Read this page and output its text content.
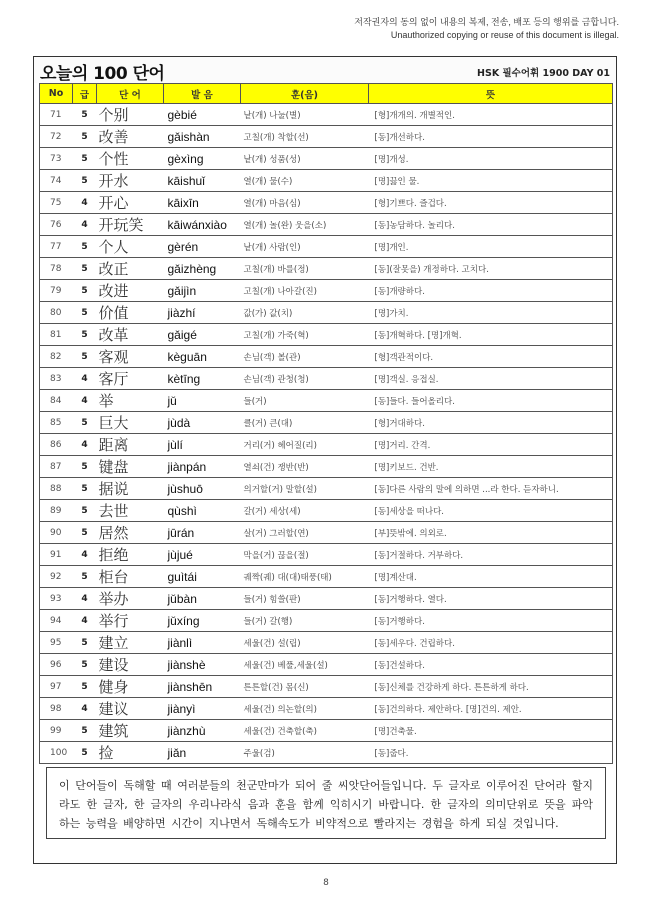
저작권자의 동의 없이 내용의 복제, 전송, 배포 등의 행위를 금합니다.
Unauthorized copying or reuse of this document is illegal.
오늘의 100 단어	HSK 필수어휘 1900 DAY 01
No	급	단 어	발 음	훈(음)	뜻
71	5	个别	gèbié	낱(개) 나눌(별)	[형]개개의. 개별적인.
72	5	改善	gǎishàn	고칠(개) 착할(선)	[동]개선하다.
73	5	个性	gèxìng	낱(개) 성품(성)	[명]개성.
74	5	开水	kāishuǐ	열(개) 물(수)	[명]끓인 물.
75	4	开心	kāixīn	열(개) 마음(심)	[형]기쁘다. 즐겁다.
76	4	开玩笑	kāiwánxiào	열(개) 놀(완) 웃을(소)	[동]농담하다. 놀리다.
77	5	个人	gèrén	낱(개) 사람(인)	[명]개인.
78	5	改正	gǎizhèng	고칠(개) 바를(정)	[동](잘못을) 개정하다. 고치다.
79	5	改进	gǎijìn	고칠(개) 나아갈(진)	[동]개량하다.
80	5	价值	jiàzhí	값(가) 값(치)	[명]가치.
81	5	改革	gǎigé	고칠(개) 가죽(혁)	[동]개혁하다. [명]개혁.
82	5	客观	kèguān	손님(객) 볼(관)	[형]객관적이다.
83	4	客厅	kètīng	손님(객) 관청(청)	[명]객실. 응접실.
84	4	举	jǔ	들(거)	[동]들다. 들어올리다.
85	5	巨大	jùdà	클(거) 큰(대)	[형]거대하다.
86	4	距离	jùlí	거리(거) 헤어질(리)	[명]거리. 간격.
87	5	键盘	jiànpán	열쇠(건) 쟁반(반)	[명]키보드. 건반.
88	5	据说	jùshuō	의거할(거) 말할(설)	[동]다른 사람의 말에 의하면 ...라 한다. 듣자하니.
89	5	去世	qùshì	갈(거) 세상(세)	[동]세상을 떠나다.
90	5	居然	jūrán	살(거) 그러할(연)	[부]뜻밖에. 의외로.
91	4	拒绝	jùjué	막을(거) 끊을(절)	[동]거절하다. 거부하다.
92	5	柜台	guìtái	궤짝(궤) 대(대)태풍(태)	[명]계산대.
93	4	举办	jǔbàn	들(거) 힘쓸(판)	[동]거행하다. 열다.
94	4	举行	jǔxíng	들(거) 갈(행)	[동]거행하다.
95	5	建立	jiànlì	세울(건) 설(립)	[동]세우다. 건립하다.
96	5	建设	jiànshè	세울(건) 베풀,세울(설)	[동]건설하다.
97	5	健身	jiànshēn	튼튼할(건) 몸(신)	[동]신체를 건강하게 하다. 튼튼하게 하다.
98	4	建议	jiànyì	세울(건) 의논할(의)	[동]건의하다. 제안하다. [명]건의. 제안.
99	5	建筑	jiànzhù	세울(건) 건축할(축)	[명]건축물.
100	5	捡	jiǎn	주울(검)	[동]줍다.
이 단어들이 독해할 때 여러분들의 천군만마가 되어 줄 씨앗단어들입니다. 두 글자로 이루어진 단어라 할지라도 한 글자, 한 글자의 우리나라식 음과 훈을 함께 익히시기 바랍니다. 한 글자의 의미단위로 뜻을 파악하는 능력을 배양하면 시간이 지나면서 독해속도가 비약적으로 빨라지는 경험을 하게 되실 것입니다.
8
